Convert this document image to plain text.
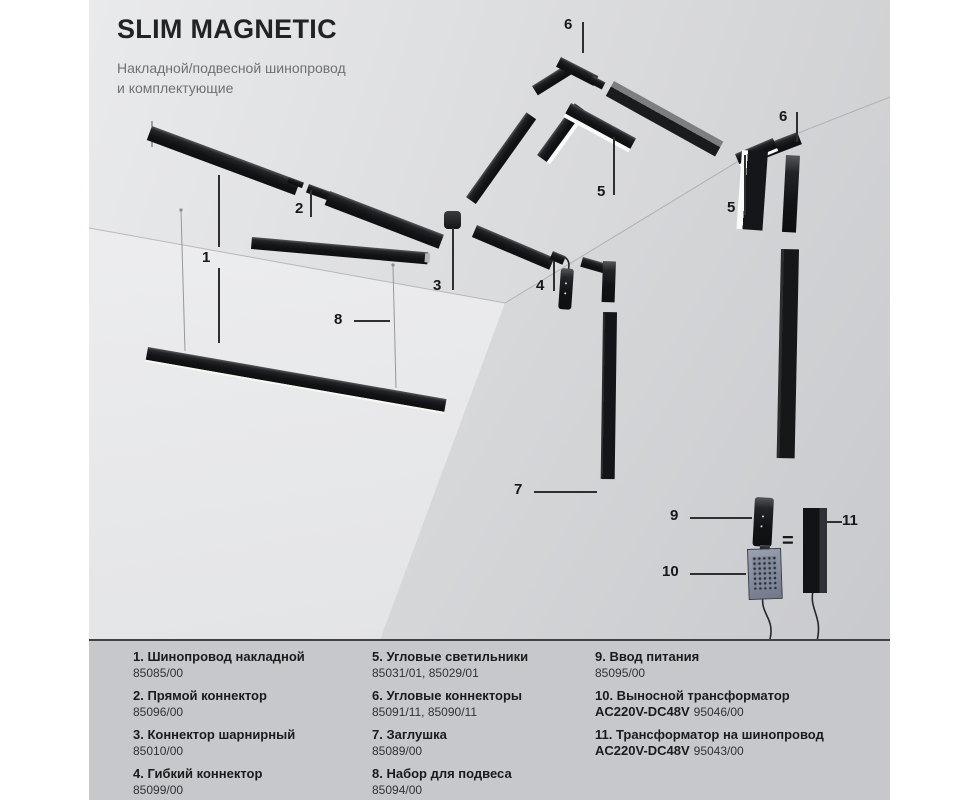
1
2
3	4
5
6
5
6
7
8
9
10
11
=
SLIM MAGNETIC
Накладной/подвесной шинопровод
и комплектующие
1. Шинопровод накладной
85085/00
2. Прямой коннектор
85096/00
3. Коннектор шарнирный
85010/00
4. Гибкий коннектор
85099/00
5. Угловые светильники
85031/01, 85029/01
6. Угловые коннекторы
85091/11, 85090/11
7. Заглушка
85089/00
8. Набор для подвеса
85094/00
9. Ввод питания
85095/00
10. Выносной трансформатор
AC220V-DC48V 95046/00
11. Трансформатор на шинопровод
AC220V-DC48V 95043/00
